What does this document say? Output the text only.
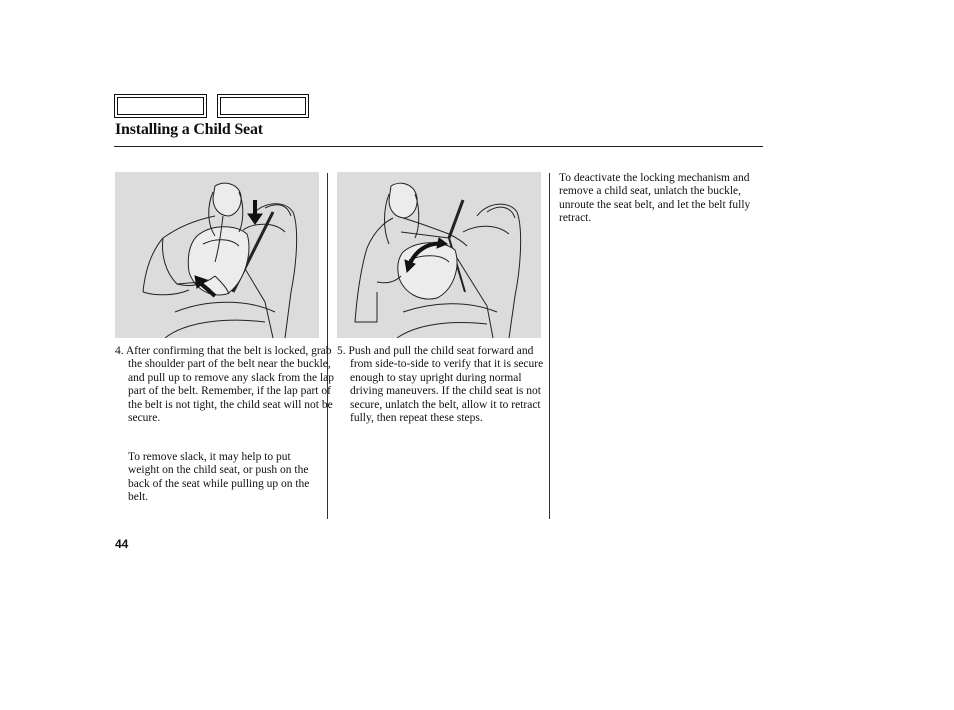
Installing a Child Seat

4. After confirming that the belt is locked, grab the shoulder part of the belt near the buckle, and pull up to remove any slack from the lap part of the belt. Remember, if the lap part of the belt is not tight, the child seat will not be secure.

To remove slack, it may help to put weight on the child seat, or push on the back of the seat while pulling up on the belt.

5. Push and pull the child seat forward and from side-to-side to verify that it is secure enough to stay upright during normal driving maneuvers. If the child seat is not secure, unlatch the belt, allow it to retract fully, then repeat these steps.

To deactivate the locking mechanism and remove a child seat, unlatch the buckle, unroute the seat belt, and let the belt fully retract.

44
